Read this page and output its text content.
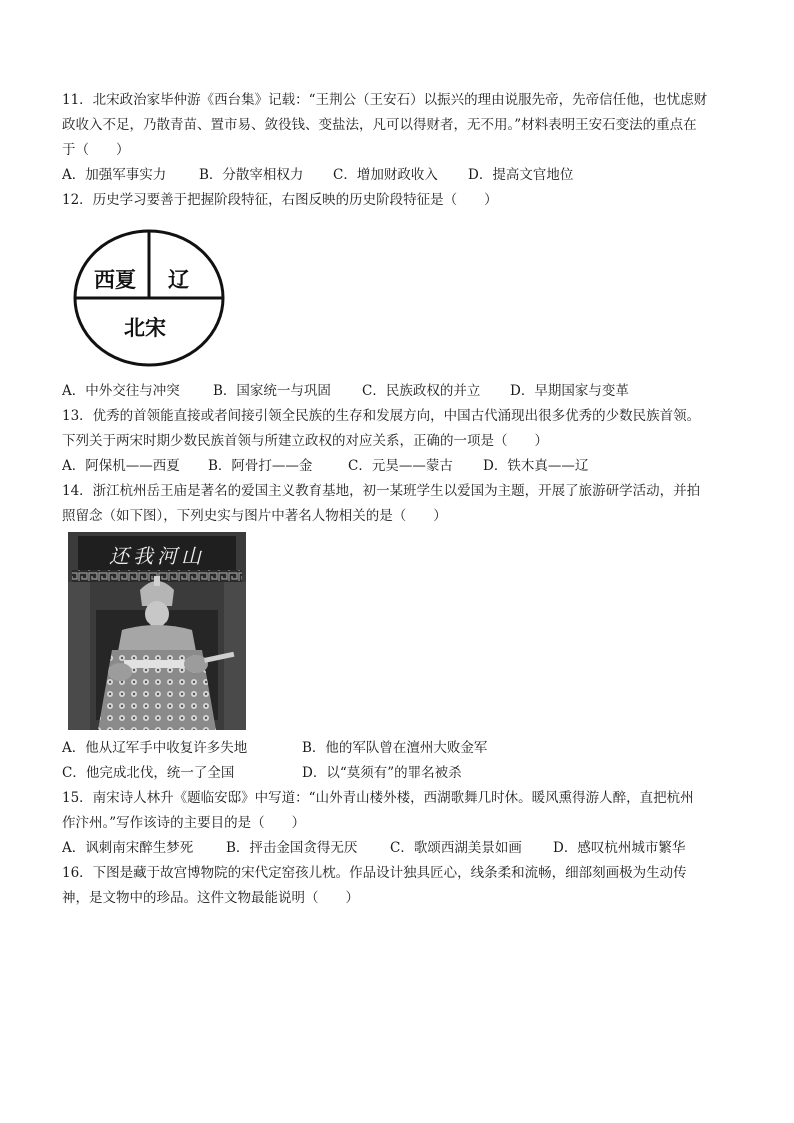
11．北宋政治家毕仲游《西台集》记载：“王荆公（王安石）以振兴的理由说服先帝，先帝信任他，也忧虑财
政收入不足，乃散青苗、置市易、敛役钱、变盐法，凡可以得财者，无不用。”材料表明王安石变法的重点在
于（　　）
A．加强军事实力 B．分散宰相权力 C．增加财政收入 D．提高文官地位
12．历史学习要善于把握阶段特征，右图反映的历史阶段特征是（　　）
西夏 辽
北宋
A．中外交往与冲突 B．国家统一与巩固 C．民族政权的并立 D．早期国家与变革
13．优秀的首领能直接或者间接引领全民族的生存和发展方向，中国古代涌现出很多优秀的少数民族首领。
下列关于两宋时期少数民族首领与所建立政权的对应关系，正确的一项是（　　）
A．阿保机——西夏 B．阿骨打——金	C．元昊——蒙古 D．铁木真——辽
14．浙江杭州岳王庙是著名的爱国主义教育基地，初一某班学生以爱国为主题，开展了旅游研学活动，并拍
照留念（如下图），下列史实与图片中著名人物相关的是（　　）
还我河山
A．他从辽军手中收复许多失地	B．他的军队曾在澶州大败金军
C．他完成北伐，统一了全国	D．以“莫须有”的罪名被杀
15．南宋诗人林升《题临安邸》中写道：“山外青山楼外楼，西湖歌舞几时休。暖风熏得游人醉，直把杭州
作汴州。”写作该诗的主要目的是（　　）
A．讽刺南宋醉生梦死 B．抨击金国贪得无厌 C．歌颂西湖美景如画 D．感叹杭州城市繁华
16．下图是藏于故宫博物院的宋代定窑孩儿枕。作品设计独具匠心，线条柔和流畅，细部刻画极为生动传
神，是文物中的珍品。这件文物最能说明（　　）
